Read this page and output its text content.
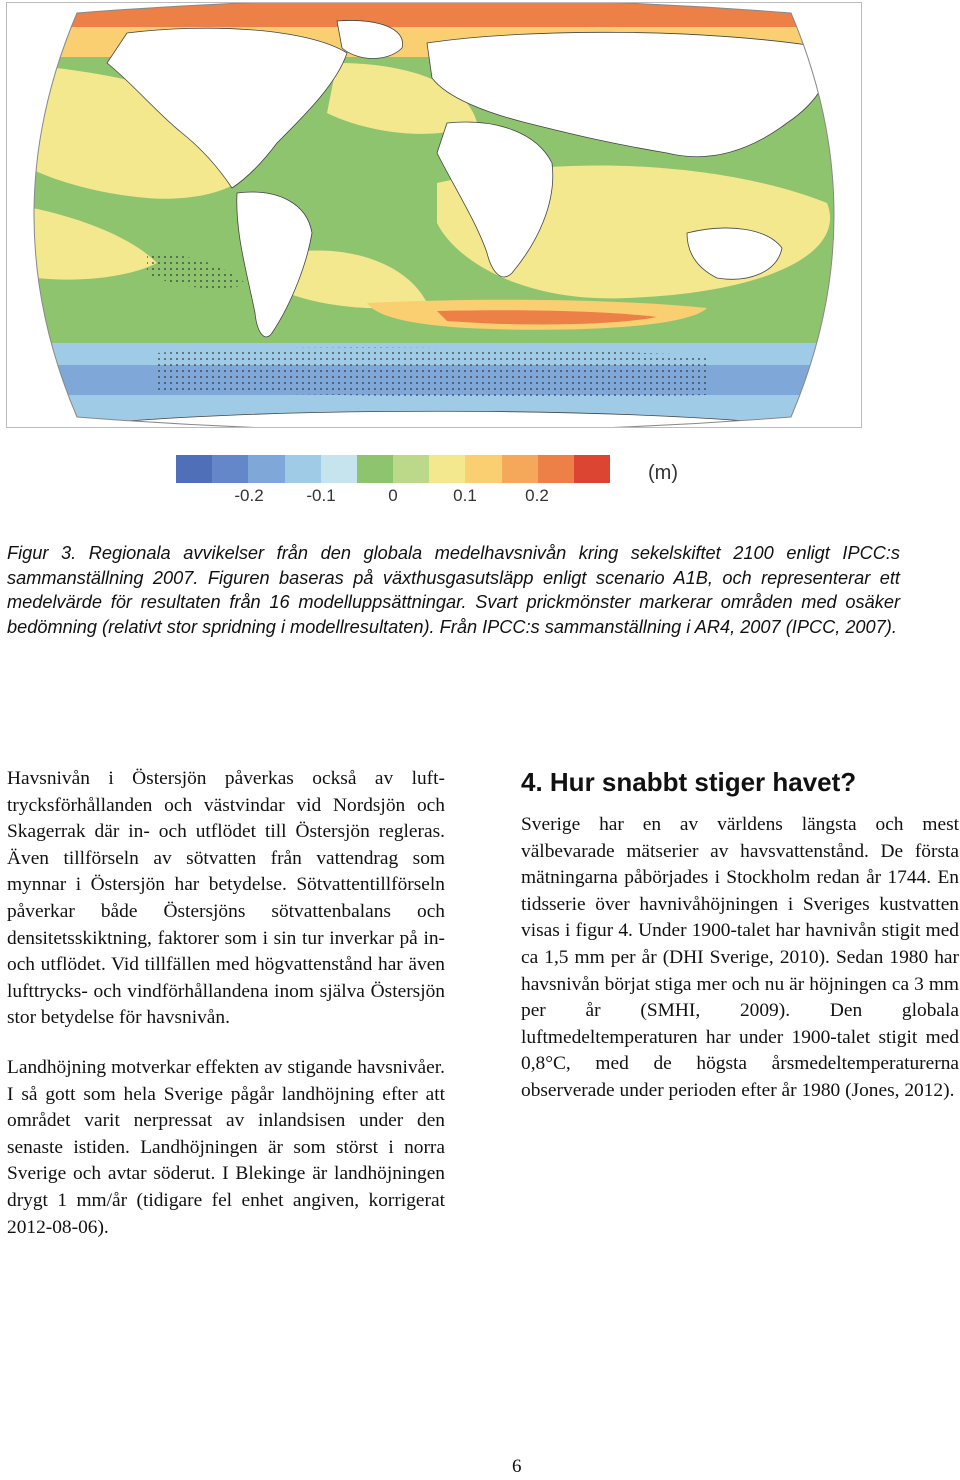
-0.2	-0.1	0	0.1	0.2
(m)
Figur 3. Regionala avvikelser från den globala medelhavsnivån kring sekelskiftet 2100 enligt IPCC:s sammanställning 2007. Figuren baseras på växthusgasutsläpp enligt scenario A1B, och representerar ett medelvärde för resultaten från 16 modelluppsättningar. Svart prickmönster markerar områden med osäker bedömning (relativt stor spridning i modellresultaten). Från IPCC:s sammanställning i AR4, 2007 (IPCC, 2007).

Havsnivån i Östersjön påverkas också av lufttrycksförhållanden och västvindar vid Nordsjön och Skagerrak där in- och utflödet till Östersjön regleras. Även tillförseln av sötvatten från vattendrag som mynnar i Östersjön har betydelse. Sötvattentillförseln påverkar både Östersjöns sötvattenbalans och densitetsskiktning, faktorer som i sin tur inverkar på in- och utflödet. Vid tillfällen med högvattenstånd har även lufttrycks- och vindförhållandena inom själva Östersjön stor betydelse för havsnivån.

Landhöjning motverkar effekten av stigande havsnivåer. I så gott som hela Sverige pågår landhöjning efter att området varit nerpressat av inlandsisen under den senaste istiden. Landhöjningen är som störst i norra Sverige och avtar söderut. I Blekinge är landhöjningen drygt 1 mm/år (tidigare fel enhet angiven, korrigerat 2012-08-06).

4. Hur snabbt stiger havet?

Sverige har en av världens längsta och mest välbevarade mätserier av havsvattenstånd. De första mätningarna påbörjades i Stockholm redan år 1744. En tidsserie över havnivåhöjningen i Sveriges kustvatten visas i figur 4. Under 1900-talet har havnivån stigit med ca 1,5 mm per år (DHI Sverige, 2010). Sedan 1980 har havsnivån börjat stiga mer och nu är höjningen ca 3 mm per år (SMHI, 2009). Den globala luftmedeltemperaturen har under 1900-talet stigit med 0,8°C, med de högsta årsmedeltemperaturerna observerade under perioden efter år 1980 (Jones, 2012).

6
